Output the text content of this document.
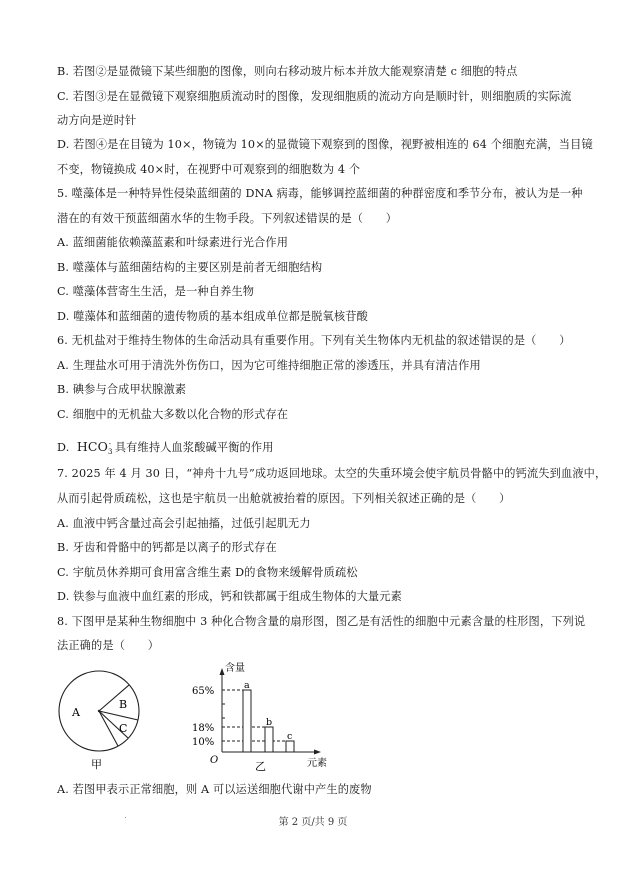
B. 若图②是显微镜下某些细胞的图像，则向右移动玻片标本并放大能观察清楚 c 细胞的特点
C. 若图③是在显微镜下观察细胞质流动时的图像，发现细胞质的流动方向是顺时针，则细胞质的实际流
动方向是逆时针
D. 若图④是在目镜为 10×，物镜为 10×的显微镜下观察到的图像，视野被相连的 64 个细胞充满，当目镜
不变，物镜换成 40×时，在视野中可观察到的细胞数为 4 个
5. 噬藻体是一种特异性侵染蓝细菌的 DNA 病毒，能够调控蓝细菌的种群密度和季节分布，被认为是一种
潜在的有效干预蓝细菌水华的生物手段。下列叙述错误的是（　　）
A. 蓝细菌能依赖藻蓝素和叶绿素进行光合作用
B. 噬藻体与蓝细菌结构的主要区别是前者无细胞结构
C. 噬藻体营寄生生活，是一种自养生物
D. 噬藻体和蓝细菌的遗传物质的基本组成单位都是脱氧核苷酸
6. 无机盐对于维持生物体的生命活动具有重要作用。下列有关生物体内无机盐的叙述错误的是（　　）
A. 生理盐水可用于清洗外伤伤口，因为它可维持细胞正常的渗透压，并具有清洁作用
B. 碘参与合成甲状腺激素
C. 细胞中的无机盐大多数以化合物的形式存在
D.  $HCO_3^-$ 具有维持人血浆酸碱平衡的作用
7. 2025 年 4 月 30 日，“神舟十九号”成功返回地球。太空的失重环境会使宇航员骨骼中的钙流失到血液中，
从而引起骨质疏松，这也是宇航员一出舱就被抬着的原因。下列相关叙述正确的是（　　）
A. 血液中钙含量过高会引起抽搐，过低引起肌无力
B. 牙齿和骨骼中的钙都是以离子的形式存在
C. 宇航员休养期可食用富含维生素 D的食物来缓解骨质疏松
D. 铁参与血液中血红素的形成，钙和铁都属于组成生物体的大量元素
8. 下图甲是某种生物细胞中 3 种化合物含量的扇形图，图乙是有活性的细胞中元素含量的柱形图，下列说
法正确的是（　　）
A
B
C
甲
a
b
c
65%
18%
10%
含量
元素
O	乙
A. 若图甲表示正常细胞，则 A 可以运送细胞代谢中产生的废物
第 2 页/共 9 页
